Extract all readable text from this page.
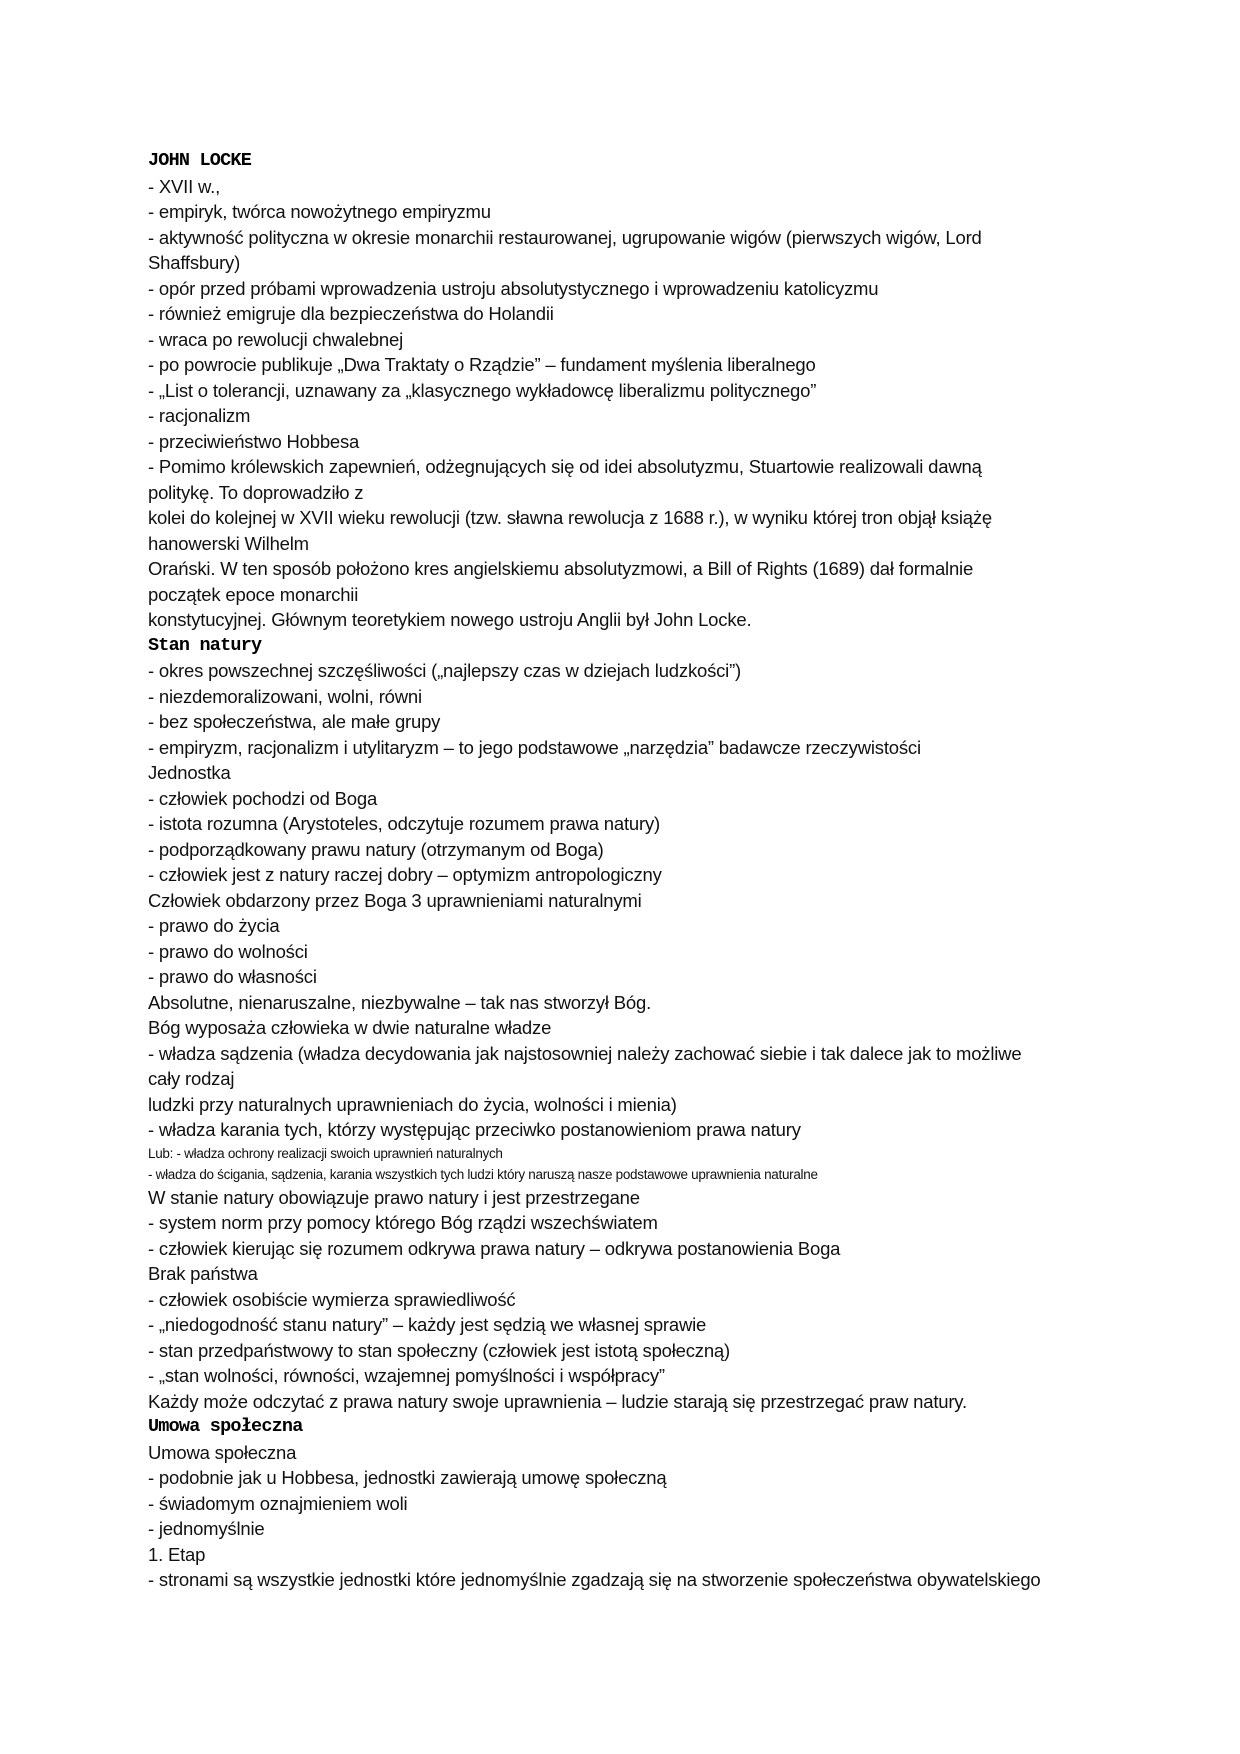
JOHN LOCKE
- XVII w.,
- empiryk, twórca nowożytnego empiryzmu
- aktywność polityczna w okresie monarchii restaurowanej, ugrupowanie wigów (pierwszych wigów, Lord
Shaffsbury)
- opór przed próbami wprowadzenia ustroju absolutystycznego i wprowadzeniu katolicyzmu
- również emigruje dla bezpieczeństwa do Holandii
- wraca po rewolucji chwalebnej
- po powrocie publikuje „Dwa Traktaty o Rządzie” – fundament myślenia liberalnego
- „List o tolerancji, uznawany za „klasycznego wykładowcę liberalizmu politycznego”
- racjonalizm
- przeciwieństwo Hobbesa
- Pomimo królewskich zapewnień, odżegnujących się od idei absolutyzmu, Stuartowie realizowali dawną
politykę. To doprowadziło z
kolei do kolejnej w XVII wieku rewolucji (tzw. sławna rewolucja z 1688 r.), w wyniku której tron objął książę
hanowerski Wilhelm
Orański. W ten sposób położono kres angielskiemu absolutyzmowi, a Bill of Rights (1689) dał formalnie
początek epoce monarchii
konstytucyjnej. Głównym teoretykiem nowego ustroju Anglii był John Locke.
Stan natury
- okres powszechnej szczęśliwości („najlepszy czas w dziejach ludzkości”)
- niezdemoralizowani, wolni, równi
- bez społeczeństwa, ale małe grupy
- empiryzm, racjonalizm i utylitaryzm – to jego podstawowe „narzędzia” badawcze rzeczywistości
Jednostka
- człowiek pochodzi od Boga
- istota rozumna (Arystoteles, odczytuje rozumem prawa natury)
- podporządkowany prawu natury (otrzymanym od Boga)
- człowiek jest z natury raczej dobry – optymizm antropologiczny
Człowiek obdarzony przez Boga 3 uprawnieniami naturalnymi
- prawo do życia
- prawo do wolności
- prawo do własności
Absolutne, nienaruszalne, niezbywalne – tak nas stworzył Bóg.
Bóg wyposaża człowieka w dwie naturalne władze
- władza sądzenia (władza decydowania jak najstosowniej należy zachować siebie i tak dalece jak to możliwe
cały rodzaj
ludzki przy naturalnych uprawnieniach do życia, wolności i mienia)
- władza karania tych, którzy występując przeciwko postanowieniom prawa natury
Lub: - władza ochrony realizacji swoich uprawnień naturalnych
- władza do ścigania, sądzenia, karania wszystkich tych ludzi który naruszą nasze podstawowe uprawnienia naturalne
W stanie natury obowiązuje prawo natury i jest przestrzegane
- system norm przy pomocy którego Bóg rządzi wszechświatem
- człowiek kierując się rozumem odkrywa prawa natury – odkrywa postanowienia Boga
Brak państwa
- człowiek osobiście wymierza sprawiedliwość
- „niedogodność stanu natury” – każdy jest sędzią we własnej sprawie
- stan przedpaństwowy to stan społeczny (człowiek jest istotą społeczną)
- „stan wolności, równości, wzajemnej pomyślności i współpracy”
Każdy może odczytać z prawa natury swoje uprawnienia – ludzie starają się przestrzegać praw natury.
Umowa społeczna
Umowa społeczna
- podobnie jak u Hobbesa, jednostki zawierają umowę społeczną
- świadomym oznajmieniem woli
- jednomyślnie
1. Etap
- stronami są wszystkie jednostki które jednomyślnie zgadzają się na stworzenie społeczeństwa obywatelskiego
